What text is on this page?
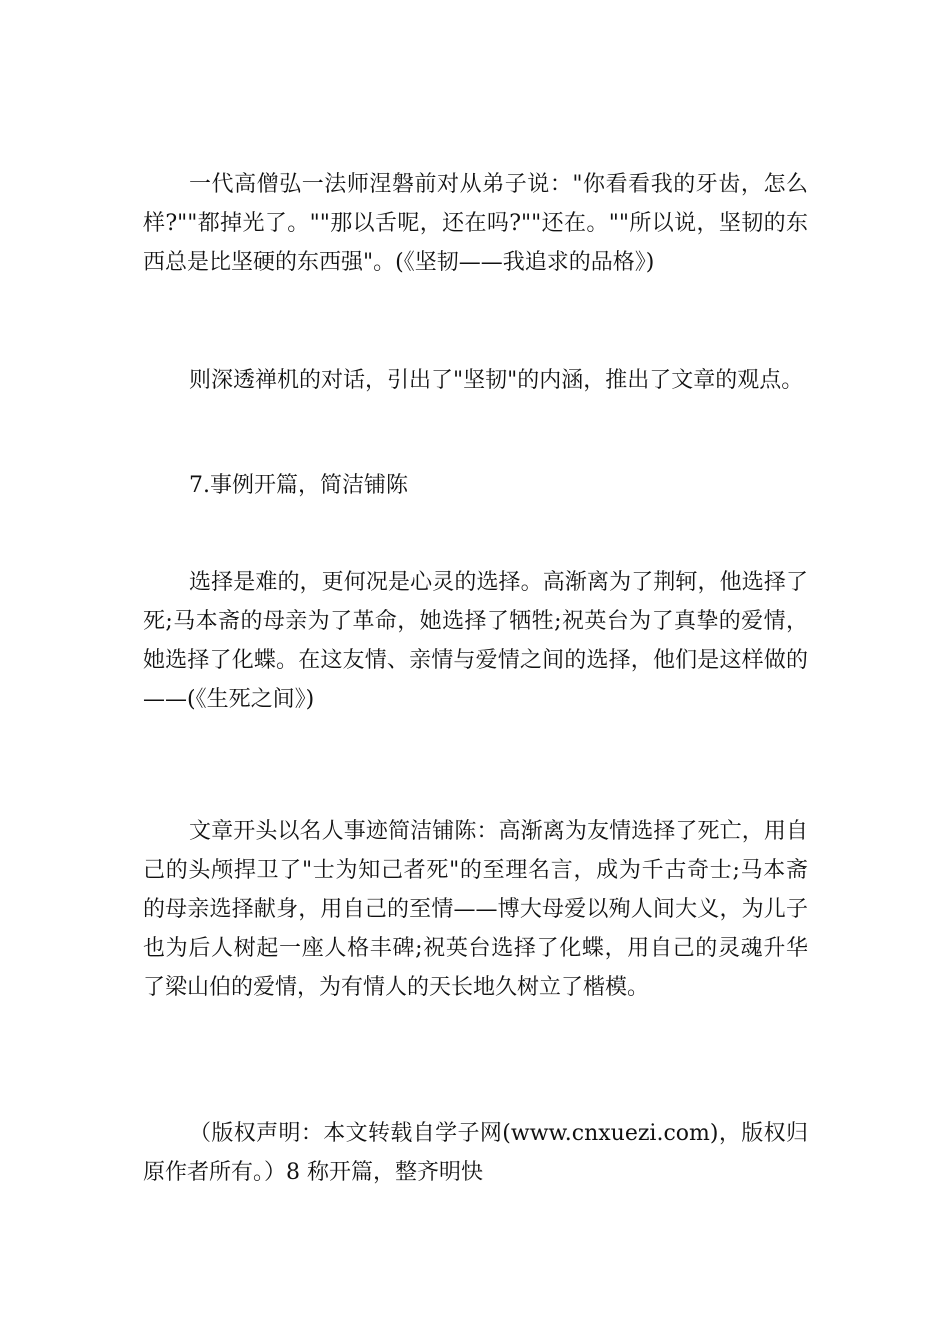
一代高僧弘一法师涅磐前对从弟子说："你看看我的牙齿，怎么样?""都掉光了。""那以舌呢，还在吗?""还在。""所以说，坚韧的东西总是比坚硬的东西强"。(《坚韧——我追求的品格》)

则深透禅机的对话，引出了"坚韧"的内涵，推出了文章的观点。

7.事例开篇，简洁铺陈

选择是难的，更何况是心灵的选择。高渐离为了荆轲，他选择了死;马本斋的母亲为了革命，她选择了牺牲;祝英台为了真挚的爱情，她选择了化蝶。在这友情、亲情与爱情之间的选择，他们是这样做的——(《生死之间》)

文章开头以名人事迹简洁铺陈：高渐离为友情选择了死亡，用自己的头颅捍卫了"士为知己者死"的至理名言，成为千古奇士;马本斋的母亲选择献身，用自己的至情——博大母爱以殉人间大义，为儿子也为后人树起一座人格丰碑;祝英台选择了化蝶，用自己的灵魂升华了梁山伯的爱情，为有情人的天长地久树立了楷模。

（版权声明：本文转载自学子网(www.cnxuezi.com)，版权归原作者所有。）8 称开篇，整齐明快
